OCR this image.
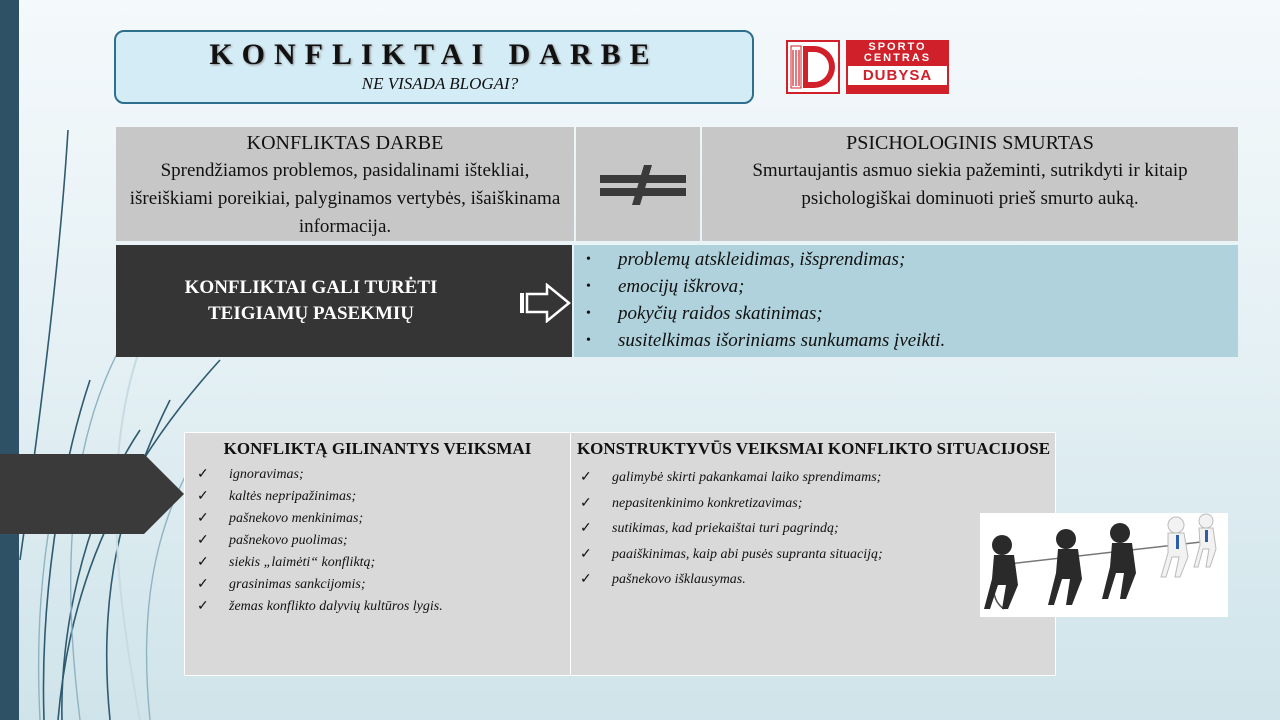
KONFLIKTAI DARBE
NE VISADA BLOGAI?
SPORTO
CENTRAS
DUBYSA
KONFLIKTAS DARBE
Sprendžiamos problemos, pasidalinami ištekliai, išreiškiami poreikiai, palyginamos vertybės, išaiškinama informacija.
PSICHOLOGINIS SMURTAS
Smurtaujantis asmuo siekia pažeminti, sutrikdyti ir kitaip psichologiškai dominuoti prieš smurto auką.
KONFLIKTAI GALI TURĖTI TEIGIAMŲ PASEKMIŲ
• problemų atskleidimas, išsprendimas;
• emocijų iškrova;
• pokyčių raidos skatinimas;
• susitelkimas išoriniams sunkumams įveikti.
KONFLIKTĄ GILINANTYS VEIKSMAI
✓ ignoravimas;
✓ kaltės nepripažinimas;
✓ pašnekovo menkinimas;
✓ pašnekovo puolimas;
✓ siekis „laimėti“ konfliktą;
✓ grasinimas sankcijomis;
✓ žemas konflikto dalyvių kultūros lygis.
KONSTRUKTYVŪS VEIKSMAI KONFLIKTO SITUACIJOSE
✓ galimybė skirti pakankamai laiko sprendimams;
✓ nepasitenkinimo konkretizavimas;
✓ sutikimas, kad priekaištai turi pagrindą;
✓ paaiškinimas, kaip abi pusės supranta situaciją;
✓ pašnekovo išklausymas.
